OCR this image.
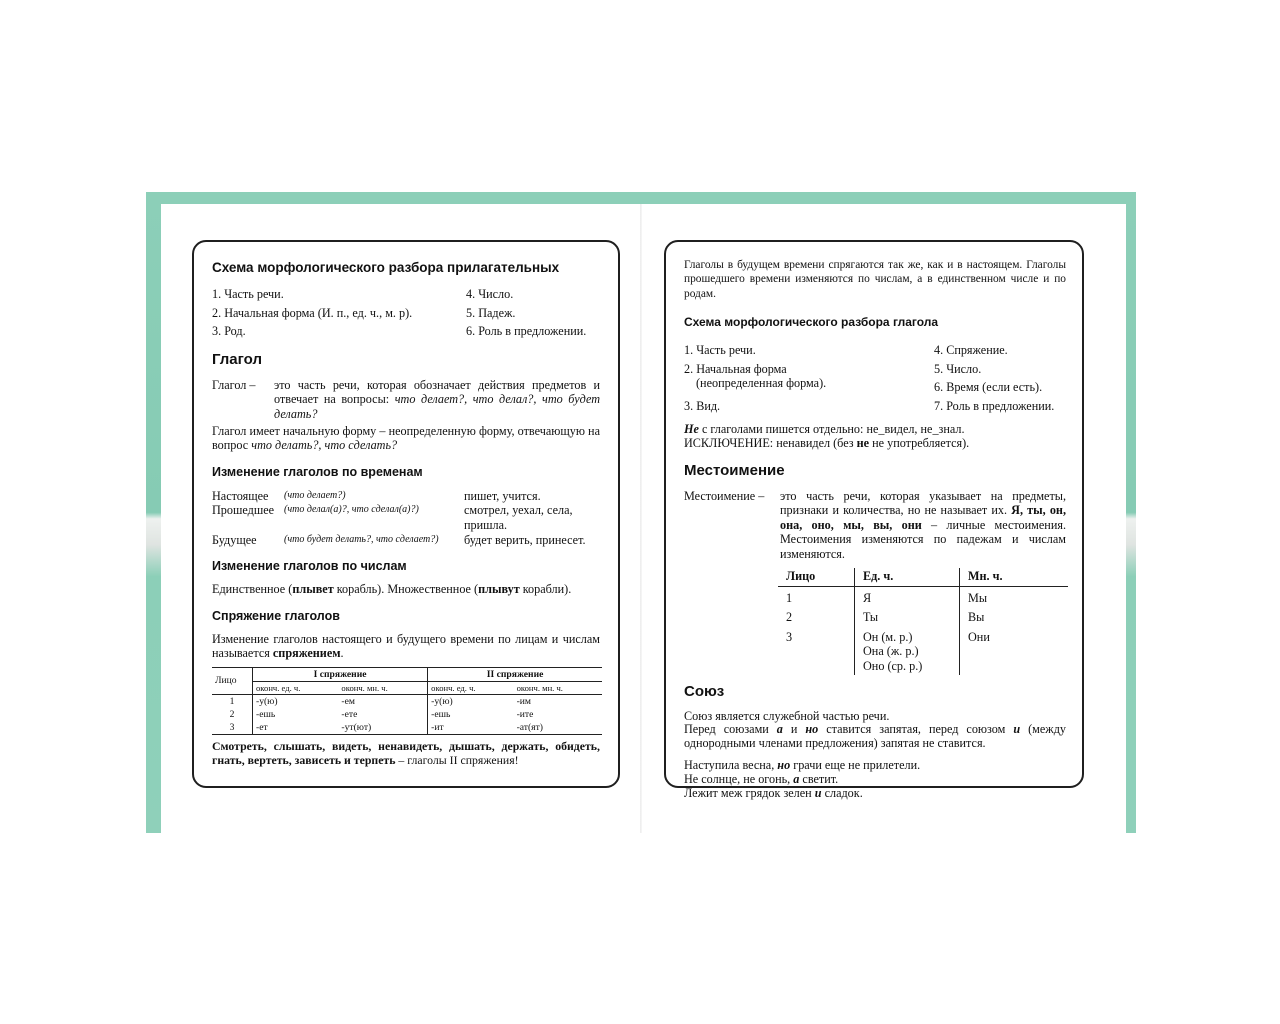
Схема морфологического разбора прилагательных

1. Часть речи.
2. Начальная форма (И. п., ед. ч., м. р).
3. Род.
4. Число.
5. Падеж.
6. Роль в предложении.

Глагол

Глагол –	это часть речи, которая обозначает действия предметов и отвечает на вопросы: что делает?, что делал?, что будет делать?
Глагол имеет начальную форму – неопределенную форму, отвечающую на вопрос что делать?, что сделать?

Изменение глаголов по временам

Настоящее	(что делает?)	пишет, учится.
Прошедшее (что делал(а)?, что сделал(а)?)	смотрел, уехал, села, пришла.
Будущее	(что будет делать?, что сделает?)	будет верить, принесет.

Изменение глаголов по числам

Единственное (плывет корабль). Множественное (плывут корабли).

Спряжение глаголов

Изменение глаголов настоящего и будущего времени по лицам и числам называется спряжением.
Лицо	I спряжение		II спряжение	
	оконч. ед. ч.	оконч. мн. ч.	оконч. ед. ч.	оконч. мн. ч.
1	-у(ю)	-ем	-у(ю)	-им
2	-ешь	-ете	-ешь	-ите
3	-ет	-ут(ют)	-ит	-ат(ят)
Смотреть, слышать, видеть, ненавидеть, дышать, держать, обидеть, гнать, вертеть, зависеть и терпеть – глаголы II спряжения!
Глаголы в будущем времени спрягаются так же, как и в настоящем. Глаголы прошедшего времени изменяются по числам, а в единственном числе и по родам.

Схема морфологического разбора глагола

1. Часть речи.
2. Начальная форма
(неопределенная форма).
3. Вид.
4. Спряжение.
5. Число.
6. Время (если есть).
7. Роль в предложении.
Не с глаголами пишется отдельно: не_видел, не_знал.
ИСКЛЮЧЕНИЕ: ненавидел (без не не употребляется).

Местоимение

Местоимение –	это часть речи, которая указывает на предметы, признаки и количества, но не называет их. Я, ты, он, она, оно, мы, вы, они – личные местоимения. Местоимения изменяются по падежам и числам изменяются.
Лицо	Ед. ч.	Мн. ч.
1	Я	Мы
2	Ты	Вы
3	Он (м. р.)
Она (ж. р.)
Оно (ср. р.)	Они

Союз

Союз является служебной частью речи.
Перед союзами а и но ставится запятая, перед союзом и (между однородными членами предложения) запятая не ставится.
Наступила весна, но грачи еще не прилетели.
Не солнце, не огонь, а светит.
Лежит меж грядок зелен и сладок.
